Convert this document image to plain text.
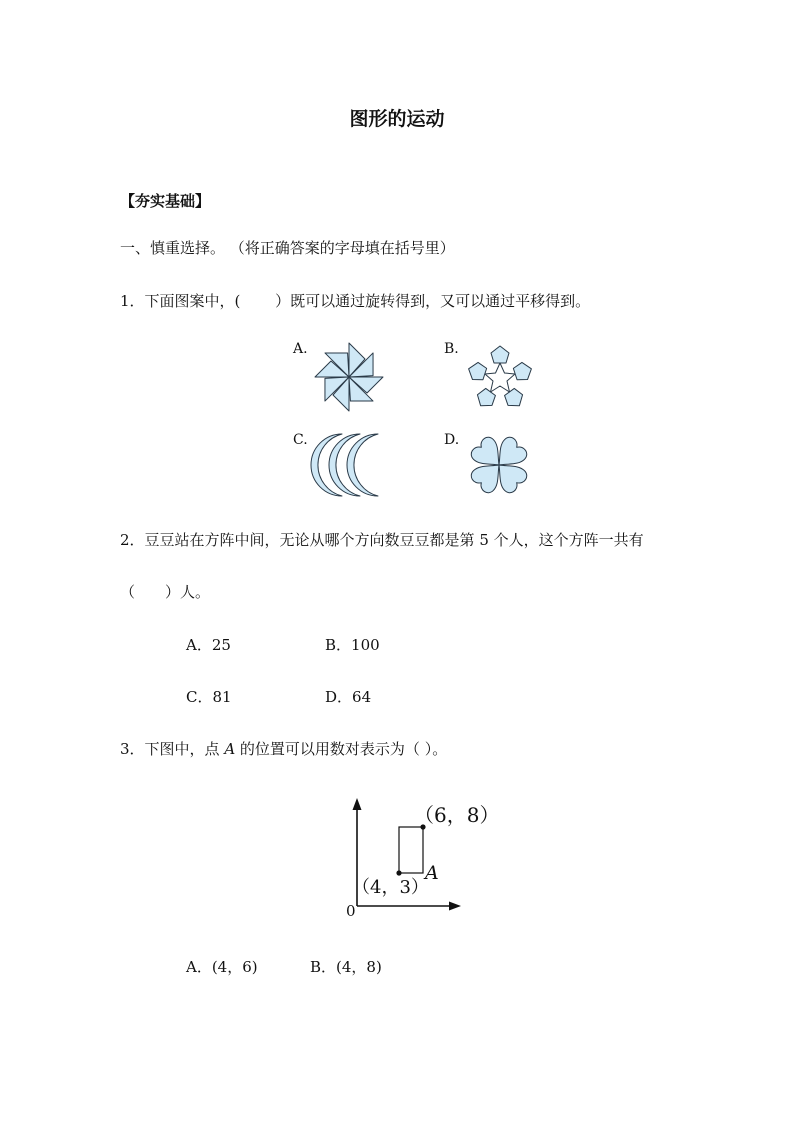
图形的运动
【夯实基础】
一、慎重选择。 （将正确答案的字母填在括号里）
1．下面图案中，(　　 ）既可以通过旋转得到，又可以通过平移得到。
A.	B.
C.	D.
2．豆豆站在方阵中间，无论从哪个方向数豆豆都是第 5 个人，这个方阵一共有
（　　）人。
A．25	B．100
C．81	D．64
3．下图中，点 A 的位置可以用数对表示为（ ）。
（6，8）
（4，3）
A
0
A．(4，6)	B．(4，8)
